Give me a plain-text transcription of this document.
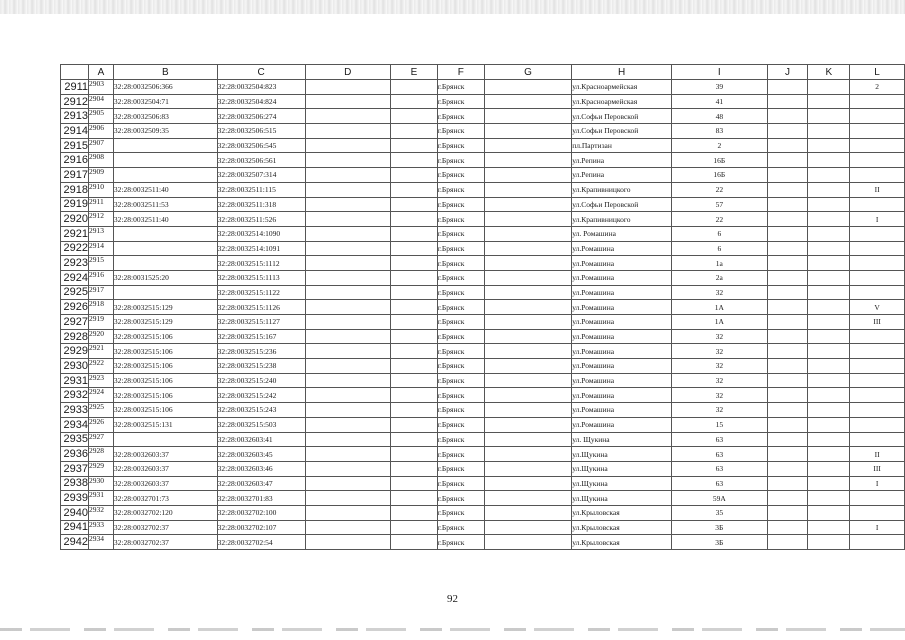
	A	B	C	D	E	F	G	H	I	J	K	L
2911	2903	32:28:0032506:366	32:28:0032504:823			г.Брянск		ул.Красноармейская	39			2
2912	2904	32:28:0032504:71	32:28:0032504:824			г.Брянск		ул.Красноармейская	41			
2913	2905	32:28:0032506:83	32:28:0032506:274			г.Брянск		ул.Софьи Перовской	48			
2914	2906	32:28:0032509:35	32:28:0032506:515			г.Брянск		ул.Софьи Перовской	83			
2915	2907		32:28:0032506:545			г.Брянск		пл.Партизан	2			
2916	2908		32:28:0032506:561			г.Брянск		ул.Репина	16Б			
2917	2909		32:28:0032507:314			г.Брянск		ул.Репина	16Б			
2918	2910	32:28:0032511:40	32:28:0032511:115			г.Брянск		ул.Крапивницкого	22			II
2919	2911	32:28:0032511:53	32:28:0032511:318			г.Брянск		ул.Софьи Перовской	57			
2920	2912	32:28:0032511:40	32:28:0032511:526			г.Брянск		ул.Крапивницкого	22			I
2921	2913		32:28:0032514:1090			г.Брянск		ул. Ромашина	6			
2922	2914		32:28:0032514:1091			г.Брянск		ул.Ромашина	6			
2923	2915		32:28:0032515:1112			г.Брянск		ул.Ромашина	1а			
2924	2916	32:28:0031525:20	32:28:0032515:1113			г.Брянск		ул.Ромашина	2а			
2925	2917		32:28:0032515:1122			г.Брянск		ул.Ромашина	32			
2926	2918	32:28:0032515:129	32:28:0032515:1126			г.Брянск		ул.Ромашина	1А			V
2927	2919	32:28:0032515:129	32:28:0032515:1127			г.Брянск		ул.Ромашина	1А			III
2928	2920	32:28:0032515:106	32:28:0032515:167			г.Брянск		ул.Ромашина	32			
2929	2921	32:28:0032515:106	32:28:0032515:236			г.Брянск		ул.Ромашина	32			
2930	2922	32:28:0032515:106	32:28:0032515:238			г.Брянск		ул.Ромашина	32			
2931	2923	32:28:0032515:106	32:28:0032515:240			г.Брянск		ул.Ромашина	32			
2932	2924	32:28:0032515:106	32:28:0032515:242			г.Брянск		ул.Ромашина	32			
2933	2925	32:28:0032515:106	32:28:0032515:243			г.Брянск		ул.Ромашина	32			
2934	2926	32:28:0032515:131	32:28:0032515:503			г.Брянск		ул.Ромашина	15			
2935	2927		32:28:0032603:41			г.Брянск		ул. Щукина	63			
2936	2928	32:28:0032603:37	32:28:0032603:45			г.Брянск		ул.Щукина	63			II
2937	2929	32:28:0032603:37	32:28:0032603:46			г.Брянск		ул.Щукина	63			III
2938	2930	32:28:0032603:37	32:28:0032603:47			г.Брянск		ул.Щукина	63			I
2939	2931	32:28:0032701:73	32:28:0032701:83			г.Брянск		ул.Щукина	59А			
2940	2932	32:28:0032702:120	32:28:0032702:100			г.Брянск		ул.Крыловская	35			
2941	2933	32:28:0032702:37	32:28:0032702:107			г.Брянск		ул.Крыловская	3Б			I
2942	2934	32:28:0032702:37	32:28:0032702:54			г.Брянск		ул.Крыловская	3Б			
92
